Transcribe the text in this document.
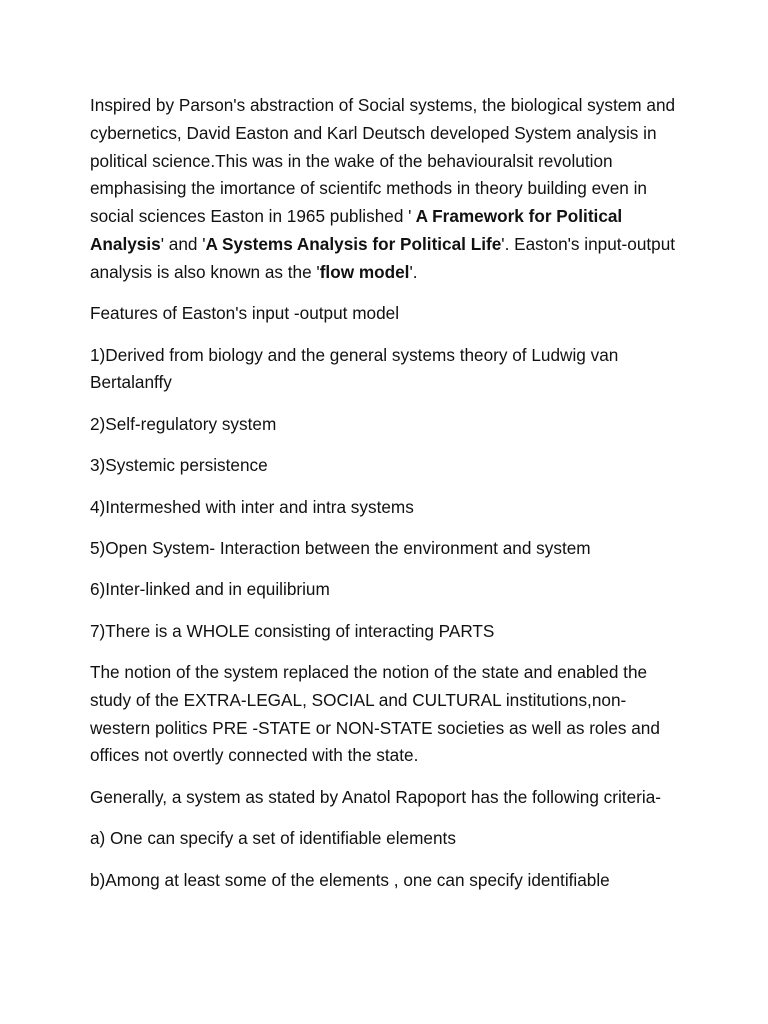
Inspired by Parson's abstraction of Social systems, the biological system and cybernetics, David Easton and Karl Deutsch developed System analysis in political science.This was in the wake of the behaviouralsit revolution emphasising the imortance of scientifc methods in theory building even in social sciences Easton in 1965 published ' A Framework for Political Analysis' and 'A Systems Analysis for Political Life'. Easton's input-output analysis is also known as the 'flow model'.

Features of Easton's input -output model

1)Derived from biology and the general systems theory of Ludwig van Bertalanffy

2)Self-regulatory system

3)Systemic persistence

4)Intermeshed with inter and intra systems

5)Open System- Interaction between the environment and system

6)Inter-linked and in equilibrium

7)There is a WHOLE consisting of interacting PARTS

The notion of the system replaced the notion of the state and enabled the study of the EXTRA-LEGAL, SOCIAL and CULTURAL institutions,non-western politics PRE -STATE or NON-STATE societies as well as roles and offices not overtly connected with the state.

Generally, a system as stated by Anatol Rapoport has the following criteria-

a) One can specify a set of identifiable elements

b)Among at least some of the elements , one can specify identifiable
